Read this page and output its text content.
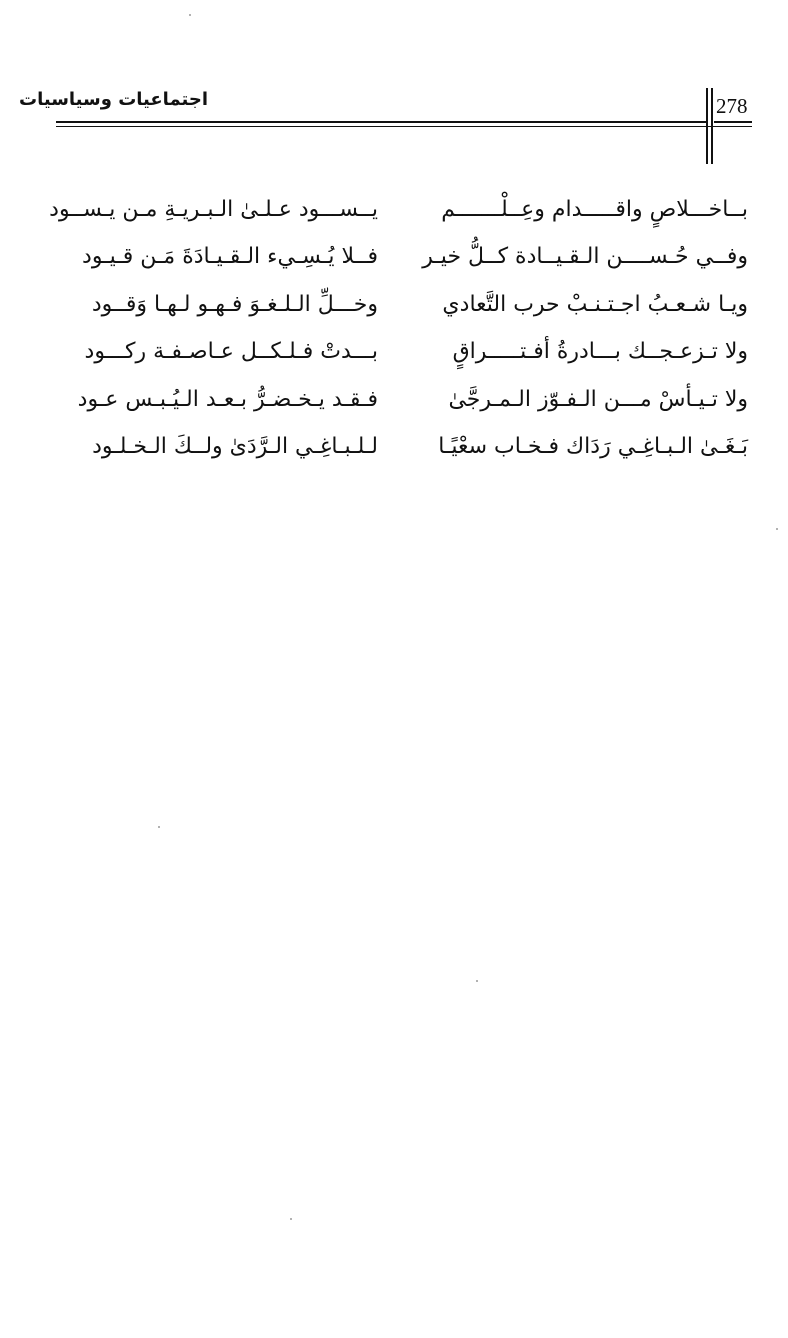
278
اجتماعيات وسياسيات
بــاخـــلاصٍ واقـــــدام وعِــلْـــــــم
يــســـود عـلـىٰ الـبـريـةِ مـن يـســود
وفــي حُـســــن الـقـيــادة كــلُّ خيـر
فــلا يُـسِـيء الـقـيـادَةَ مَـن قـيـود
ويـا شـعـبُ اجـتـنـبْ حرب التَّعادي
وخـــلِّ الـلـغـوَ فـهـو لـهـا وَقــود
ولا تـزعـجــك بـــادرةُ أفـتـــــراقٍ
بـــدتْ فـلـكــل عـاصـفـة ركـــود
ولا تـيـأسْ مـــن الـفـوّز الـمـرجَّىٰ
فـقـد يـخـضـرُّ بـعـد الـيُـبـس عـود
بَـغَـىٰ الـبـاغِـي رَدَاك فـخـاب سعْيًـا
لـلـبـاغِـي الـرَّدَىٰ ولــكَ الـخـلـود
